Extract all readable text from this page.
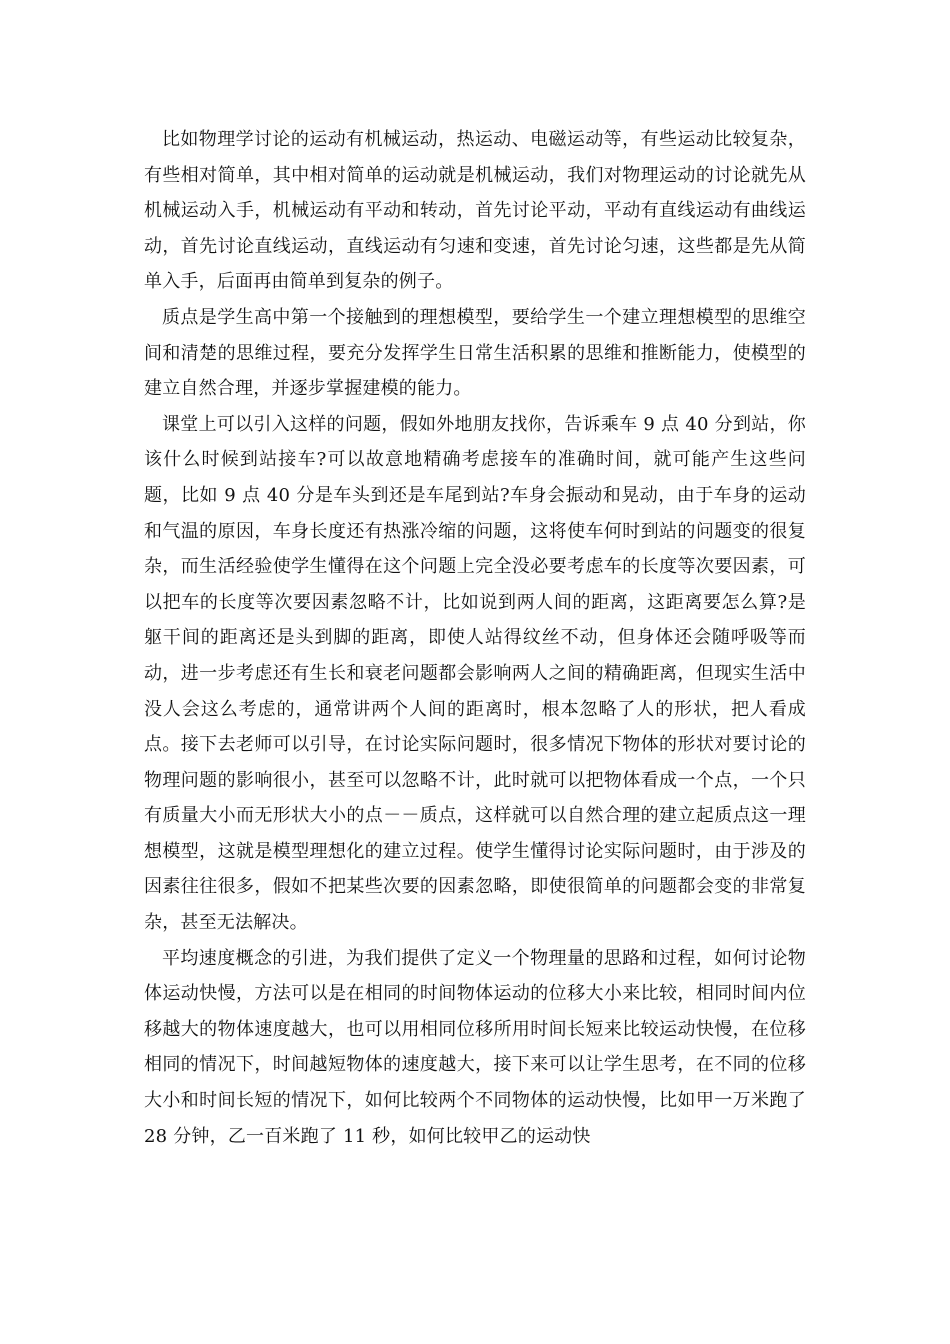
比如物理学讨论的运动有机械运动，热运动、电磁运动等，有些运动比较复杂，有些相对简单，其中相对简单的运动就是机械运动，我们对物理运动的讨论就先从机械运动入手，机械运动有平动和转动，首先讨论平动，平动有直线运动有曲线运动，首先讨论直线运动，直线运动有匀速和变速，首先讨论匀速，这些都是先从简单入手，后面再由简单到复杂的例子。

质点是学生高中第一个接触到的理想模型，要给学生一个建立理想模型的思维空间和清楚的思维过程，要充分发挥学生日常生活积累的思维和推断能力，使模型的建立自然合理，并逐步掌握建模的能力。

课堂上可以引入这样的问题，假如外地朋友找你，告诉乘车 9 点 40 分到站，你该什么时候到站接车?可以故意地精确考虑接车的准确时间，就可能产生这些问题，比如 9 点 40 分是车头到还是车尾到站?车身会振动和晃动，由于车身的运动和气温的原因，车身长度还有热涨冷缩的问题，这将使车何时到站的问题变的很复杂，而生活经验使学生懂得在这个问题上完全没必要考虑车的长度等次要因素，可以把车的长度等次要因素忽略不计，比如说到两人间的距离，这距离要怎么算?是躯干间的距离还是头到脚的距离，即使人站得纹丝不动，但身体还会随呼吸等而动，进一步考虑还有生长和衰老问题都会影响两人之间的精确距离，但现实生活中没人会这么考虑的，通常讲两个人间的距离时，根本忽略了人的形状，把人看成点。接下去老师可以引导，在讨论实际问题时，很多情况下物体的形状对要讨论的物理问题的影响很小，甚至可以忽略不计，此时就可以把物体看成一个点，一个只有质量大小而无形状大小的点－－质点，这样就可以自然合理的建立起质点这一理想模型，这就是模型理想化的建立过程。使学生懂得讨论实际问题时，由于涉及的因素往往很多，假如不把某些次要的因素忽略，即使很简单的问题都会变的非常复杂，甚至无法解决。

平均速度概念的引进，为我们提供了定义一个物理量的思路和过程，如何讨论物体运动快慢，方法可以是在相同的时间物体运动的位移大小来比较，相同时间内位移越大的物体速度越大，也可以用相同位移所用时间长短来比较运动快慢，在位移相同的情况下，时间越短物体的速度越大，接下来可以让学生思考，在不同的位移大小和时间长短的情况下，如何比较两个不同物体的运动快慢，比如甲一万米跑了 28 分钟，乙一百米跑了 11 秒，如何比较甲乙的运动快
